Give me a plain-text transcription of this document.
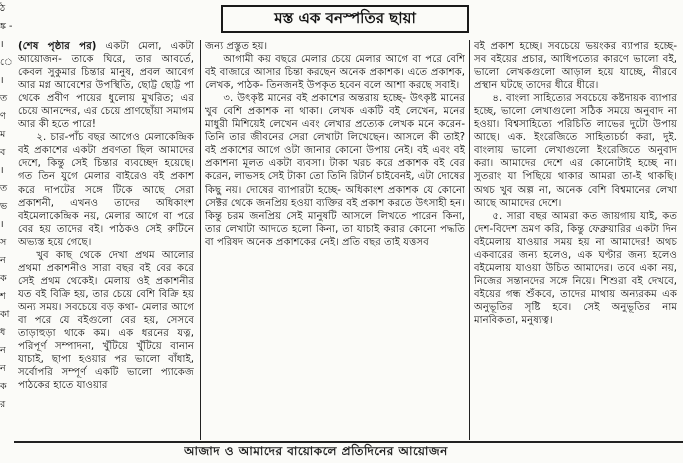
ঠ
ঙ্ক -
।
ে
।
ত
ণ
ম
ব
।
ত
ভ
।
স
ন
ক
শ
কা
ধ
ন
ন
ক
র
মস্ত এক বনস্পতির ছায়া

(শেষ পৃষ্ঠার পর) একটা মেলা, একটা আয়োজন- তাকে ঘিরে, তার আবর্তে, কেবল সুকুমার চিন্তার মানুষ, প্রবল আবেগ আর মগ্ন আবেশের উপস্থিতি, ছোট্ট ছোট্ট পা থেকে প্রবীণ পায়ের ধুলোয় মুখরিত; এর চেয়ে আনন্দের, এর চেয়ে প্রাণছোঁয়া সমাগম আর কী হতে পারে!

২. চার-পাঁচ বছর আগেও মেলাকেন্দ্রিক বই প্রকাশের একটা প্রবণতা ছিল আমাদের দেশে, কিন্তু সেই চিন্তার ব্যবচ্ছেদ হয়েছে। গত তিন যুগে মেলার বাইরেও বই প্রকাশ করে দাপটের সঙ্গে টিকে আছে সেরা প্রকাশনী, এখনও তাদের অধিকাংশ বইমেলাকেন্দ্রিক নয়, মেলার আগে বা পরে বের হয় তাদের বই। পাঠকও সেই রুটিনে অভ্যস্ত হয়ে গেছে।

খুব কাছ থেকে দেখা প্রথম আলোর প্রথমা প্রকাশনীও সারা বছর বই বের করে সেই প্রথম থেকেই। মেলায় ওই প্রকাশনীর যত বই বিক্রি হয়, তার চেয়ে বেশি বিক্রি হয় অন্য সময়। সবচেয়ে বড় কথা- মেলার আগে বা পরে যে বইগুলো বের হয়, সেসবে তাড়াহুড়া থাকে কম। এক ধরনের যত্ন, পরিপূর্ণ সম্পাদনা, খুঁটিয়ে খুঁটিয়ে বানান যাচাই, ছাপা হওয়ার পর ভালো বাঁধাই, সর্বোপরি সম্পূর্ণ একটি ভালো প্যাকেজ পাঠকের হাতে যাওয়ার

জন্য প্রস্তুত হয়।

আগামী কয় বছরে মেলার চেয়ে মেলার আগে বা পরে বেশি বই বাজারে আসার চিন্তা করছেন অনেক প্রকাশক। এতে প্রকাশক, লেখক, পাঠক- তিনজনই উপকৃত হবেন বলে আশা করছে সবাই।

৩. উৎকৃষ্ট মানের বই প্রকাশের অন্তরায় হচ্ছে- উৎকৃষ্ট মানের খুব বেশি প্রকাশক না থাকা। লেখক একটি বই লেখেন, মনের মাধুরী মিশিয়েই লেখেন এবং লেখার প্রত্যেক লেখক মনে করেন- তিনি তার জীবনের সেরা লেখাটা লিখেছেন। আসলে কী তাই? বই প্রকাশের আগে ওটা জানার কোনো উপায় নেই। বই এবং বই প্রকাশনা মূলত একটা ব্যবসা। টাকা খরচ করে প্রকাশক বই বের করেন, লাভসহ সেই টাকা তো তিনি রিটার্ন চাইবেনই, এটা দোষের কিছু নয়। দোষের ব্যাপারটা হচ্ছে- অধিকাংশ প্রকাশক যে কোনো সেক্টর থেকে জনপ্রিয় হওয়া ব্যক্তির বই প্রকাশ করতে উৎসাহী হন। কিন্তু চরম জনপ্রিয় সেই মানুষটি আসলে লিখতে পারেন কিনা, তার লেখাটা আদতে হলো কিনা, তা যাচাই করার কোনো পদ্ধতি বা পরিষদ অনেক প্রকাশকের নেই। প্রতি বছর তাই যত্তসব

বই প্রকাশ হচ্ছে। সবচেয়ে ভয়ংকর ব্যাপার হচ্ছে- সব বইয়ের প্রচার, আধিপত্যের কারণে ভালো বই, ভালো লেখকগুলো আড়াল হয়ে যাচ্ছে, নীরবে প্রস্থান ঘটছে তাদের ধীরে ধীরে।

৪. বাংলা সাহিত্যের সবচেয়ে কষ্টদায়ক ব্যাপার হচ্ছে, ভালো লেখাগুলো সঠিক সময়ে অনুবাদ না হওয়া। বিশ্বসাহিত্যে পরিচিতি লাভের দুটো উপায় আছে। এক. ইংরেজিতে সাহিত্যচর্চা করা, দুই. বাংলায় ভালো লেখাগুলো ইংরেজিতে অনুবাদ করা। আমাদের দেশে এর কোনোটাই হচ্ছে না। সুতরাং যা পিছিয়ে থাকার আমরা তা-ই থাকছি। অথচ খুব অল্প না, অনেক বেশি বিশ্বমানের লেখা আছে আমাদের দেশে।

৫. সারা বছর আমরা কত জায়গায় যাই, কত দেশ-বিদেশ ভ্রমণ করি, কিন্তু ফেব্রুয়ারির একটা দিন বইমেলায় যাওয়ার সময় হয় না আমাদের! অথচ একবারের জন্য হলেও, এক ঘণ্টার জন্য হলেও বইমেলায় যাওয়া উচিত আমাদের। তবে একা নয়, নিজের সন্তানদের সঙ্গে নিয়ে। শিশুরা বই দেখবে, বইয়ের গন্ধ শুঁকবে, তাদের মাথায় অন্যরকম এক অনুভূতির সৃষ্টি হবে। সেই অনুভূতির নাম মানবিকতা, মনুষ্যত্ব।

আজাদ ও আমাদের বায়োকলে প্রতিদিনের আয়োজন
